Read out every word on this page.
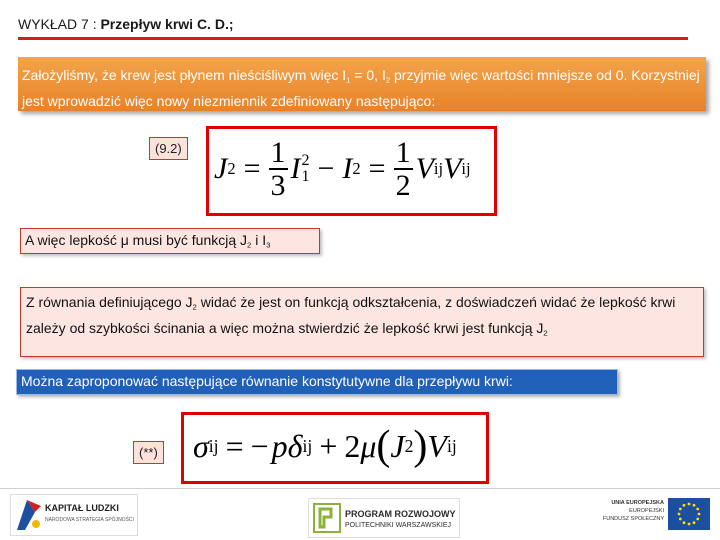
WYKŁAD 7 : Przepływ krwi C. D.;
Założyliśmy, że krew jest płynem nieściśliwym więc $I_1 = 0$, $I_2$ przyjmie więc wartości mniejsze od 0. Korzystniej jest wprowadzić więc nowy niezmiennik zdefiniowany następująco:
(9.2)
J $2 = \frac{1}{3}$ I 2
1 − I $2 = \frac{1}{2}$ V ij V ij
A więc lepkość μ musi być funkcją $J_2$ i $I_3$
Z równania definiującego $J_2$ widać że jest on funkcją odkształcenia, z doświadczeń widać że lepkość krwi zależy od szybkości ścinania a więc można stwierdzić że lepkość krwi jest funkcją $J_2$
Można zaproponować następujące równanie konstytutywne dla przepływu krwi:
(**) σ ij = − p δ ij + 2 μ ( J 2 ) V ij
KAPITAŁ LUDZKI
NARODOWA STRATEGIA SPÓJNOŚCI
PROGRAM ROZWOJOWY
POLITECHNIKI WARSZAWSKIEJ
UNIA EUROPEJSKA
EUROPEJSKI
FUNDUSZ SPOŁECZNY
